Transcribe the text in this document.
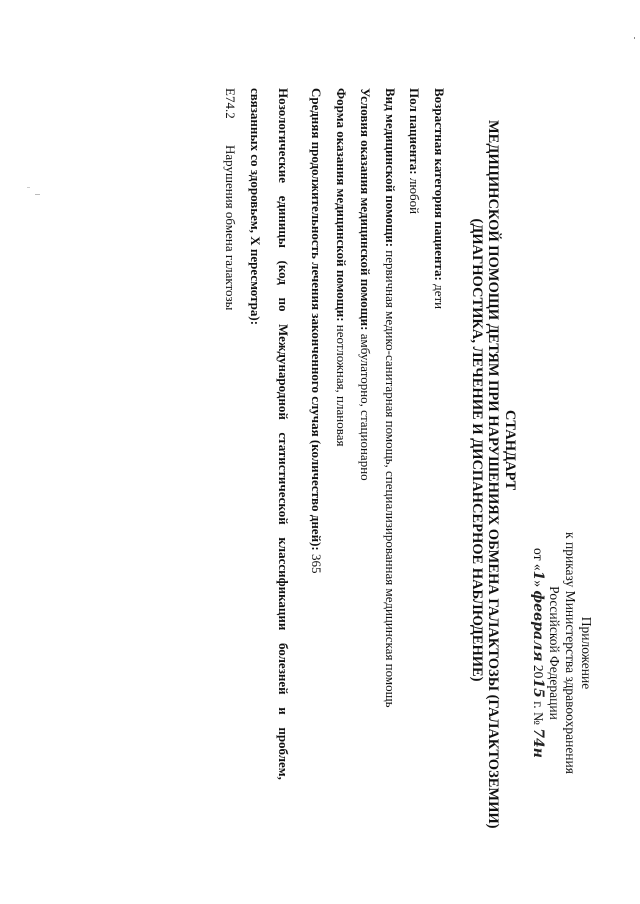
Приложение
к приказу Министерства здравоохранения
Российской Федерации
от «1» февраля 2015 г. № 74н
СТАНДАРТ
МЕДИЦИНСКОЙ ПОМОЩИ ДЕТЯМ ПРИ НАРУШЕНИЯХ ОБМЕНА ГАЛАКТОЗЫ (ГАЛАКТОЗЕМИИ)
(ДИАГНОСТИКА, ЛЕЧЕНИЕ И ДИСПАНСЕРНОЕ НАБЛЮДЕНИЕ)
Возрастная категория пациента: дети
Пол пациента: любой
Вид медицинской помощи: первичная медико-санитарная помощь, специализированная медицинская помощь
Условия оказания медицинской помощи: амбулаторно, стационарно
Форма оказания медицинской помощи: неотложная, плановая
Средняя продолжительность лечения законченного случая (количество дней): 365
Нозологические
единицы
(код
по
Международной
статистической
классификации
болезней
и
проблем,
связанных со здоровьем, X пересмотра):
E74.2Нарушения обмена галактозы
